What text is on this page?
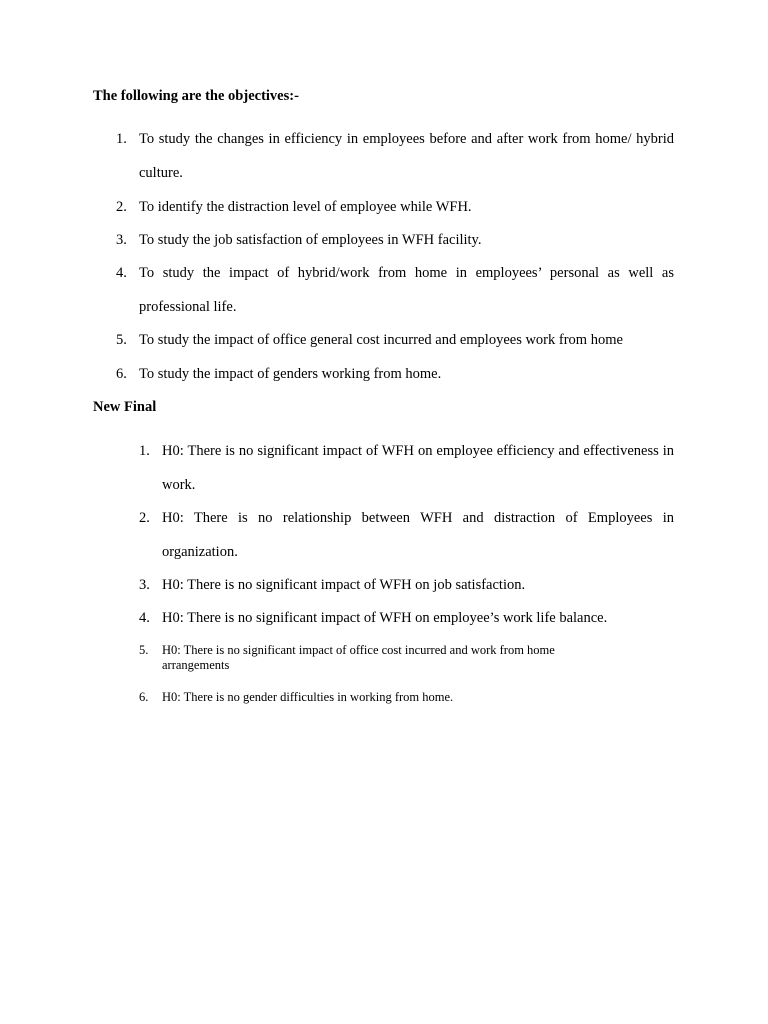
The following are the objectives:-

1. To study the changes in efficiency in employees before and after work from home/ hybrid culture.
2. To identify the distraction level of employee while WFH.
3. To study the job satisfaction of employees in WFH facility.
4. To study the impact of hybrid/work from home in employees’ personal as well as professional life.
5. To study the impact of office general cost incurred and employees work from home
6. To study the impact of genders working from home.

New Final

1. H0: There is no significant impact of WFH on employee efficiency and effectiveness in work.
2. H0: There is no relationship between WFH and distraction of Employees in organization.
3. H0: There is no significant impact of WFH on job satisfaction.
4. H0: There is no significant impact of WFH on employee’s work life balance.
5. H0: There is no significant impact of office cost incurred and work from home arrangements
6. H0: There is no gender difficulties in working from home.
